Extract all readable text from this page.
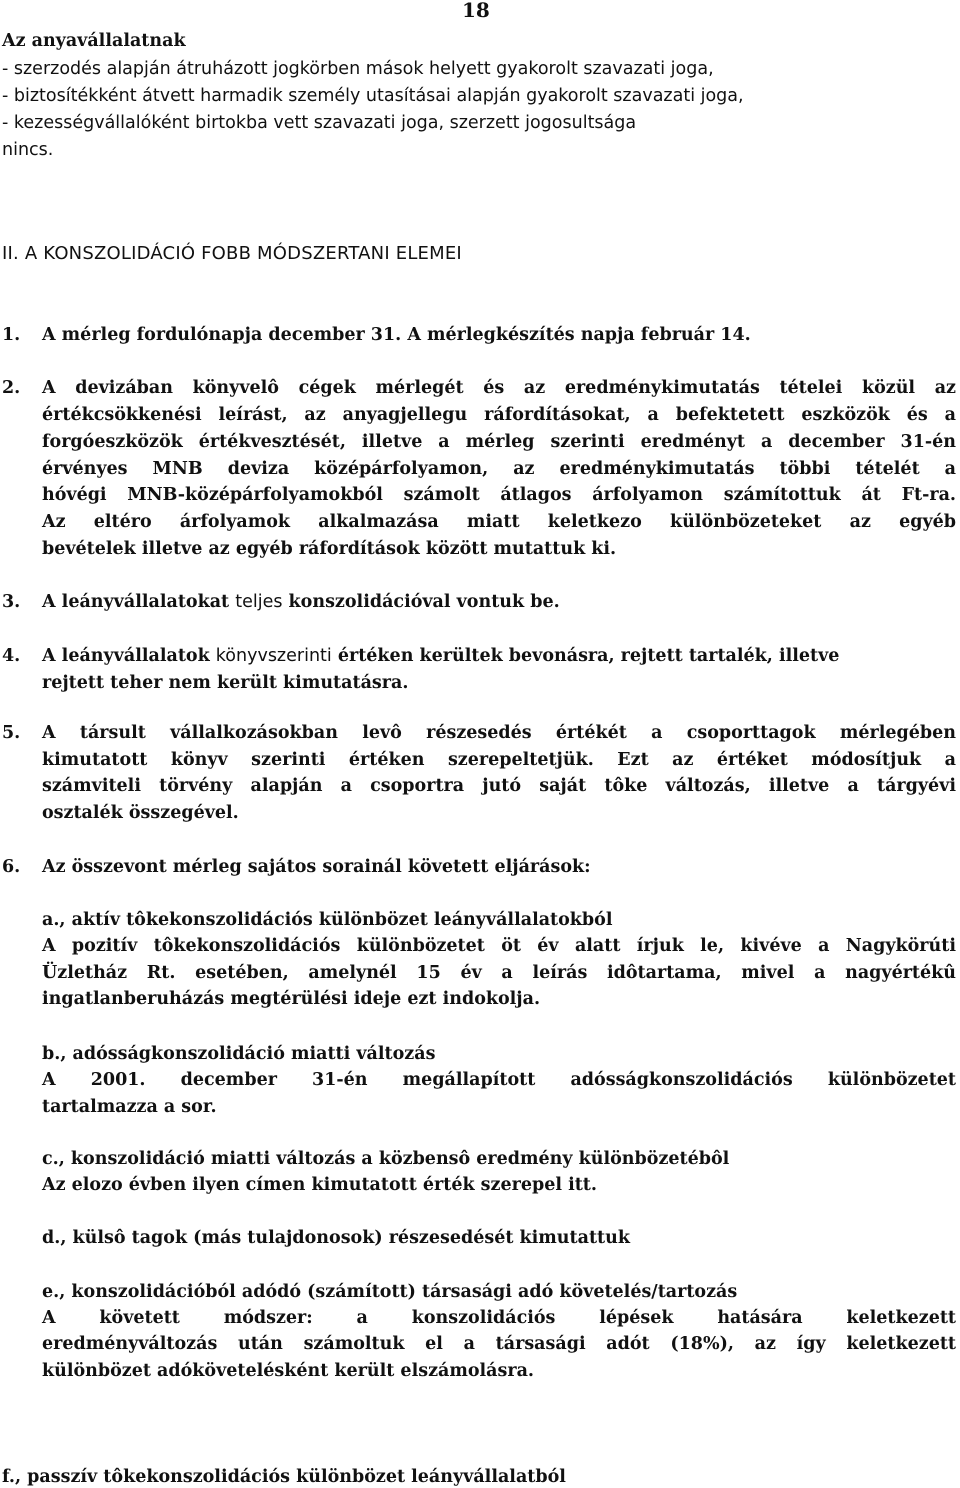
18
Az anyavállalatnak
- szerzodés alapján átruházott jogkörben mások helyett gyakorolt szavazati joga,
- biztosítékként átvett harmadik személy utasításai alapján gyakorolt szavazati joga,
- kezességvállalóként birtokba vett szavazati joga, szerzett jogosultsága
nincs.
II. A KONSZOLIDÁCIÓ FOBB MÓDSZERTANI ELEMEI
1. A mérleg fordulónapja december 31. A mérlegkészítés napja február 14.
2. A devizában könyvelô cégek mérlegét és az eredménykimutatás tételei közül az
értékcsökkenési leírást, az anyagjellegu ráfordításokat, a befektetett eszközök és a
forgóeszközök értékvesztését, illetve a mérleg szerinti eredményt a december 31-én
érvényes MNB deviza középárfolyamon, az eredménykimutatás többi tételét a
hóvégi MNB-középárfolyamokból számolt átlagos árfolyamon számítottuk át Ft-ra.
Az eltéro árfolyamok alkalmazása miatt keletkezo különbözeteket az egyéb
bevételek illetve az egyéb ráfordítások között mutattuk ki.
3. A leányvállalatokat teljes konszolidációval vontuk be.
4. A leányvállalatok könyvszerinti értéken kerültek bevonásra, rejtett tartalék, illetve
rejtett teher nem került kimutatásra.
5. A társult vállalkozásokban levô részesedés értékét a csoporttagok mérlegében
kimutatott könyv szerinti értéken szerepeltetjük. Ezt az értéket módosítjuk a
számviteli törvény alapján a csoportra jutó saját tôke változás, illetve a tárgyévi
osztalék összegével.
6. Az összevont mérleg sajátos sorainál követett eljárások:
a., aktív tôkekonszolidációs különbözet leányvállalatokból
A pozitív tôkekonszolidációs különbözetet öt év alatt írjuk le, kivéve a Nagykörúti
Üzletház Rt. esetében, amelynél 15 év a leírás idôtartama, mivel a nagyértékû
ingatlanberuházás megtérülési ideje ezt indokolja.
b., adósságkonszolidáció miatti változás
A 2001. december 31-én megállapított adósságkonszolidációs különbözetet
tartalmazza a sor.
c., konszolidáció miatti változás a közbensô eredmény különbözetébôl
Az elozo évben ilyen címen kimutatott érték szerepel itt.
d., külsô tagok (más tulajdonosok) részesedését kimutattuk
e., konszolidációból adódó (számított) társasági adó követelés/tartozás
A követett módszer: a konszolidációs lépések hatására keletkezett
eredményváltozás után számoltuk el a társasági adót (18%), az így keletkezett
különbözet adókövetelésként került elszámolásra.
f., passzív tôkekonszolidációs különbözet leányvállalatból
